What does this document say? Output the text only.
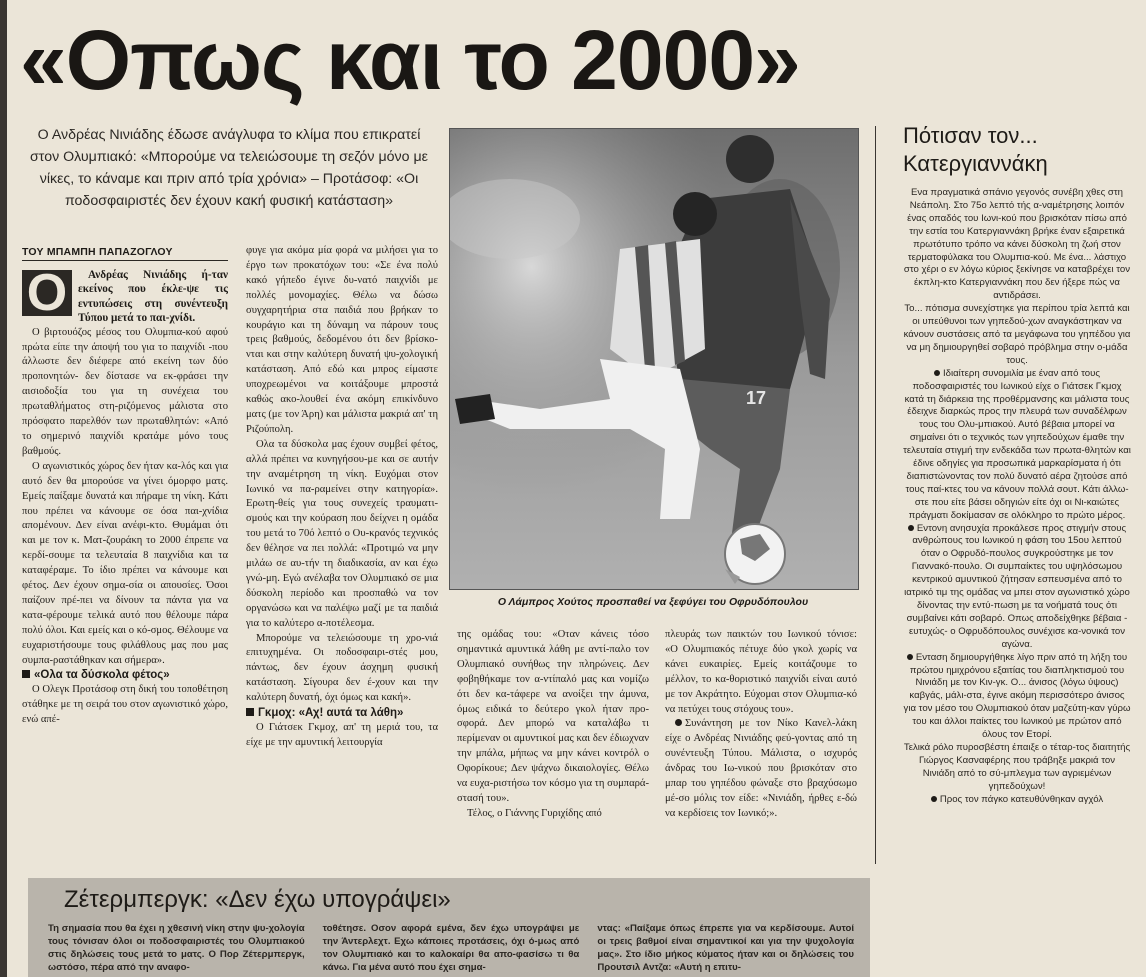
«Οπως και το 2000»
Ο Ανδρέας Νινιάδης έδωσε ανάγλυφα το κλίμα που επικρατεί στον Ολυμπιακό: «Μπορούμε να τελειώσουμε τη σεζόν μόνο με νίκες, το κάναμε και πριν από τρία χρόνια» – Προτάσοφ: «Οι ποδοσφαιριστές δεν έχουν κακή φυσική κατάσταση»
ΤΟΥ ΜΠΑΜΠΗ ΠΑΠΑΖΟΓΛΟΥ
Ο	Ανδρέας Νινιάδης ή-ταν εκείνος που έκλε-ψε τις εντυπώσεις στη συνέντευξη Τύπου μετά το παι-χνίδι.

Ο βιρτουόζος μέσος του Ολυμπια-κού αφού πρώτα είπε την άποψή του για το παιχνίδι -που άλλωστε δεν διέφερε από εκείνη των δύο προπονητών- δεν δίστασε να εκ-φράσει την αισιοδοξία του για τη συνέχεια του πρωταθλήματος στη-ριζόμενος μάλιστα στο πρόσφατο παρελθόν των πρωταθλητών: «Από το σημερινό παιχνίδι κρατάμε μόνο τους βαθμούς.

Ο αγωνιστικός χώρος δεν ήταν κα-λός και για αυτό δεν θα μπορούσε να γίνει όμορφο ματς. Εμείς παίξαμε δυνατά και πήραμε τη νίκη. Κάτι που πρέπει να κάνουμε σε όσα παι-χνίδια απομένουν. Δεν είναι ανέφι-κτο. Θυμάμαι ότι και με τον κ. Ματ-ζουράκη το 2000 έπρεπε να κερδί-σουμε τα τελευταία 8 παιχνίδια και τα καταφέραμε. Το ίδιο πρέπει να κάνουμε και φέτος. Δεν έχουν σημα-σία οι απουσίες. Όσοι παίζουν πρέ-πει να δίνουν τα πάντα για να κατα-φέρουμε τελικά αυτό που θέλουμε πάρα πολύ όλοι. Και εμείς και ο κό-σμος. Θέλουμε να ευχαριστήσουμε τους φιλάθλους μας που μας συμπα-ραστάθηκαν και σήμερα».

«Ολα τα δύσκολα φέτος»

Ο Ολεγκ Προτάσοφ στη δική του τοποθέτηση στάθηκε με τη σειρά του στον αγωνιστικό χώρο, ενώ απέ-

φυγε για ακόμα μία φορά να μιλήσει για το έργο των προκατόχων του: «Σε ένα πολύ κακό γήπεδο έγινε δυ-νατό παιχνίδι με πολλές μονομαχίες. Θέλω να δώσω συγχαρητήρια στα παιδιά που βρήκαν το κουράγιο και τη δύναμη να πάρουν τους τρεις βαθμούς, δεδομένου ότι δεν βρίσκο-νται και στην καλύτερη δυνατή ψυ-χολογική κατάσταση. Από εδώ και μπρος είμαστε υποχρεωμένοι να κοιτάξουμε μπροστά καθώς ακο-λουθεί ένα ακόμη επικίνδυνο ματς (με τον Άρη) και μάλιστα μακριά απ' τη Ριζούπολη.

Ολα τα δύσκολα μας έχουν συμβεί φέτος, αλλά πρέπει να κυνηγήσου-με και σε αυτήν την αναμέτρηση τη νίκη. Ευχόμαι στον Ιωνικό να πα-ραμείνει στην κατηγορία». Ερωτη-θείς για τους συνεχείς τραυματι-σμούς και την κούραση που δείχνει η ομάδα του μετά το 70ό λεπτό ο Ου-κρανός τεχνικός δεν θέλησε να πει πολλά: «Προτιμώ να μην μιλάω σε αυ-τήν τη διαδικασία, αν και έχω γνώ-μη. Εγώ ανέλαβα τον Ολυμπιακό σε μια δύσκολη περίοδο και προσπαθώ να τον οργανώσω και να παλέψω μαζί με τα παιδιά για το καλύτερο α-ποτέλεσμα.

Μπορούμε να τελειώσουμε τη χρο-νιά επιτυχημένα. Οι ποδοσφαιρι-στές μου, πάντως, δεν έχουν άσχημη φυσική κατάσταση. Σίγουρα δεν έ-χουν και την καλύτερη δυνατή, όχι όμως και κακή».

Γκμοχ: «Αχ! αυτά τα λάθη»

Ο Γιάτσεκ Γκμοχ, απ' τη μεριά του, τα είχε με την αμυντική λειτουργία

17
Ο Λάμπρος Χούτος προσπαθεί να ξεφύγει του Οφρυδόπουλου

της ομάδας του: «Οταν κάνεις τόσο σημαντικά αμυντικά λάθη με αντί-παλο τον Ολυμπιακό συνήθως την πληρώνεις. Δεν φοβηθήκαμε τον α-ντίπαλό μας και νομίζω ότι δεν κα-τάφερε να ανοίξει την άμυνα, όμως ειδικά το δεύτερο γκολ ήταν προ-σφορά. Δεν μπορώ να καταλάβω τι περίμεναν οι αμυντικοί μας και δεν έδιωχναν την μπάλα, μήπως να μην κάνει κοντρόλ ο Οφορίκουε; Δεν ψάχνω δικαιολογίες. Θέλω να ευχα-ριστήσω τον κόσμο για τη συμπαρά-στασή του».

Τέλος, ο Γιάννης Γυριχίδης από

πλευράς των παικτών του Ιωνικού τόνισε: «Ο Ολυμπιακός πέτυχε δύο γκολ χωρίς να κάνει ευκαιρίες. Εμείς κοιτάζουμε το μέλλον, το κα-θοριστικό παιχνίδι είναι αυτό με τον Ακράτητο. Εύχομαι στον Ολυμπια-κό να πετύχει τους στόχους του».

Συνάντηση με τον Νίκο Κανελ-λάκη είχε ο Ανδρέας Νινιάδης φεύ-γοντας από τη συνέντευξη Τύπου. Μάλιστα, ο ισχυρός άνδρας του Ιω-νικού που βρισκόταν στο μπαρ του γηπέδου φώναξε στο βραχύσωμο μέ-σο μόλις τον είδε: «Νινιάδη, ήρθες ε-δώ να κερδίσεις τον Ιωνικό;».

Πότισαν τον... Κατεργιαννάκη

Ενα πραγματικά σπάνιο γεγονός συνέβη χθες στη Νεάπολη. Στο 75ο λεπτό τής α-ναμέτρησης λοιπόν ένας οπαδός του Ιωνι-κού που βρισκόταν πίσω από την εστία του Κατεργιαννάκη βρήκε έναν εξαιρετικά πρωτότυπο τρόπο να κάνει δύσκολη τη ζωή στον τερματοφύλακα του Ολυμπια-κού. Με ένα... λάστιχο στο χέρι ο εν λόγω κύριος ξεκίνησε να καταβρέχει τον έκπλη-κτο Κατεργιαννάκη που δεν ήξερε πώς να αντιδράσει.

Το... πότισμα συνεχίστηκε για περίπου τρία λεπτά και οι υπεύθυνοι των γηπεδού-χων αναγκάστηκαν να κάνουν συστάσεις από τα μεγάφωνα του γηπέδου για να μη δημιουργηθεί σοβαρό πρόβλημα στην ο-μάδα τους.

Ιδιαίτερη συνομιλία με έναν από τους ποδοσφαιριστές του Ιωνικού είχε ο Γιάτσεκ Γκμοχ κατά τη διάρκεια της προθέρμανσης και μάλιστα τους έδειχνε διαρκώς προς την πλευρά των συναδέλφων τους του Ολυ-μπιακού. Αυτό βέβαια μπορεί να σημαίνει ότι ο τεχνικός των γηπεδούχων έμαθε την τελευταία στιγμή την ενδεκάδα των πρωτα-θλητών και έδινε οδηγίες για προσωπικά μαρκαρίσματα ή ότι διαπιστώνοντας τον πολύ δυνατό αέρα ζητούσε από τους παί-κτες του να κάνουν πολλά σουτ. Κάτι άλλω-στε που είτε βάσει οδηγιών είτε όχι οι Νι-καιώτες πράγματι δοκίμασαν σε ολόκληρο το πρώτο μέρος.

Εντονη ανησυχία προκάλεσε προς στιγμήν στους ανθρώπους του Ιωνικού η φάση του 15ου λεπτού όταν ο Οφρυδό-πουλος συγκρούστηκε με τον Γιαννακό-πουλο. Οι συμπαίκτες του υψηλόσωμου κεντρικού αμυντικού ζήτησαν εσπευσμένα από το ιατρικό τιμ της ομάδας να μπει στον αγωνιστικό χώρο δίνοντας την εντύ-πωση με τα νοήματά τους ότι συμβαίνει κάτι σοβαρό. Οπως αποδείχθηκε βέβαια - ευτυχώς- ο Οφρυδόπουλος συνέχισε κα-νονικά τον αγώνα.

Ενταση δημιουργήθηκε λίγο πριν από τη λήξη του πρώτου ημιχρόνου εξαιτίας του διαπληκτισμού του Νινιάδη με τον Κιν-γκ. Ο... άνισος (λόγω ύψους) καβγάς, μάλι-στα, έγινε ακόμη περισσότερο άνισος για τον μέσο του Ολυμπιακού όταν μαζεύτη-καν γύρω του και άλλοι παίκτες του Ιωνικού με πρώτον από όλους τον Ετορί.

Τελικά ρόλο πυροσβέστη έπαιξε ο τέταρ-τος διαιτητής Γιώργος Κασναφέρης που τράβηξε μακριά τον Νινιάδη από το σύ-μπλεγμα των αγριεμένων γηπεδούχων!

Προς τον πάγκο κατευθύνθηκαν αγχόλ

Ζέτερμπεργκ: «Δεν έχω υπογράψει»
Τη σημασία που θα έχει η χθεσινή νίκη στην ψυ-χολογία τους τόνισαν όλοι οι ποδοσφαιριστές του Ολυμπιακού στις δηλώσεις τους μετά το ματς. Ο Πορ Ζέτερμπεργκ, ωστόσο, πέρα από την αναφο-
τοθέτησε. Οσον αφορά εμένα, δεν έχω υπογράψει με την Άντερλεχτ. Εχω κάποιες προτάσεις, όχι ό-μως από τον Ολυμπιακό και το καλοκαίρι θα απο-φασίσω τι θα κάνω. Για μένα αυτό που έχει σημα-
ντας: «Παίξαμε όπως έπρεπε για να κερδίσουμε. Αυτοί οι τρεις βαθμοί είναι σημαντικοί και για την ψυχολογία μας». Στο ίδιο μήκος κύματος ήταν και οι δηλώσεις του Προυτσιλ Αντζα: «Αυτή η επιτυ-
